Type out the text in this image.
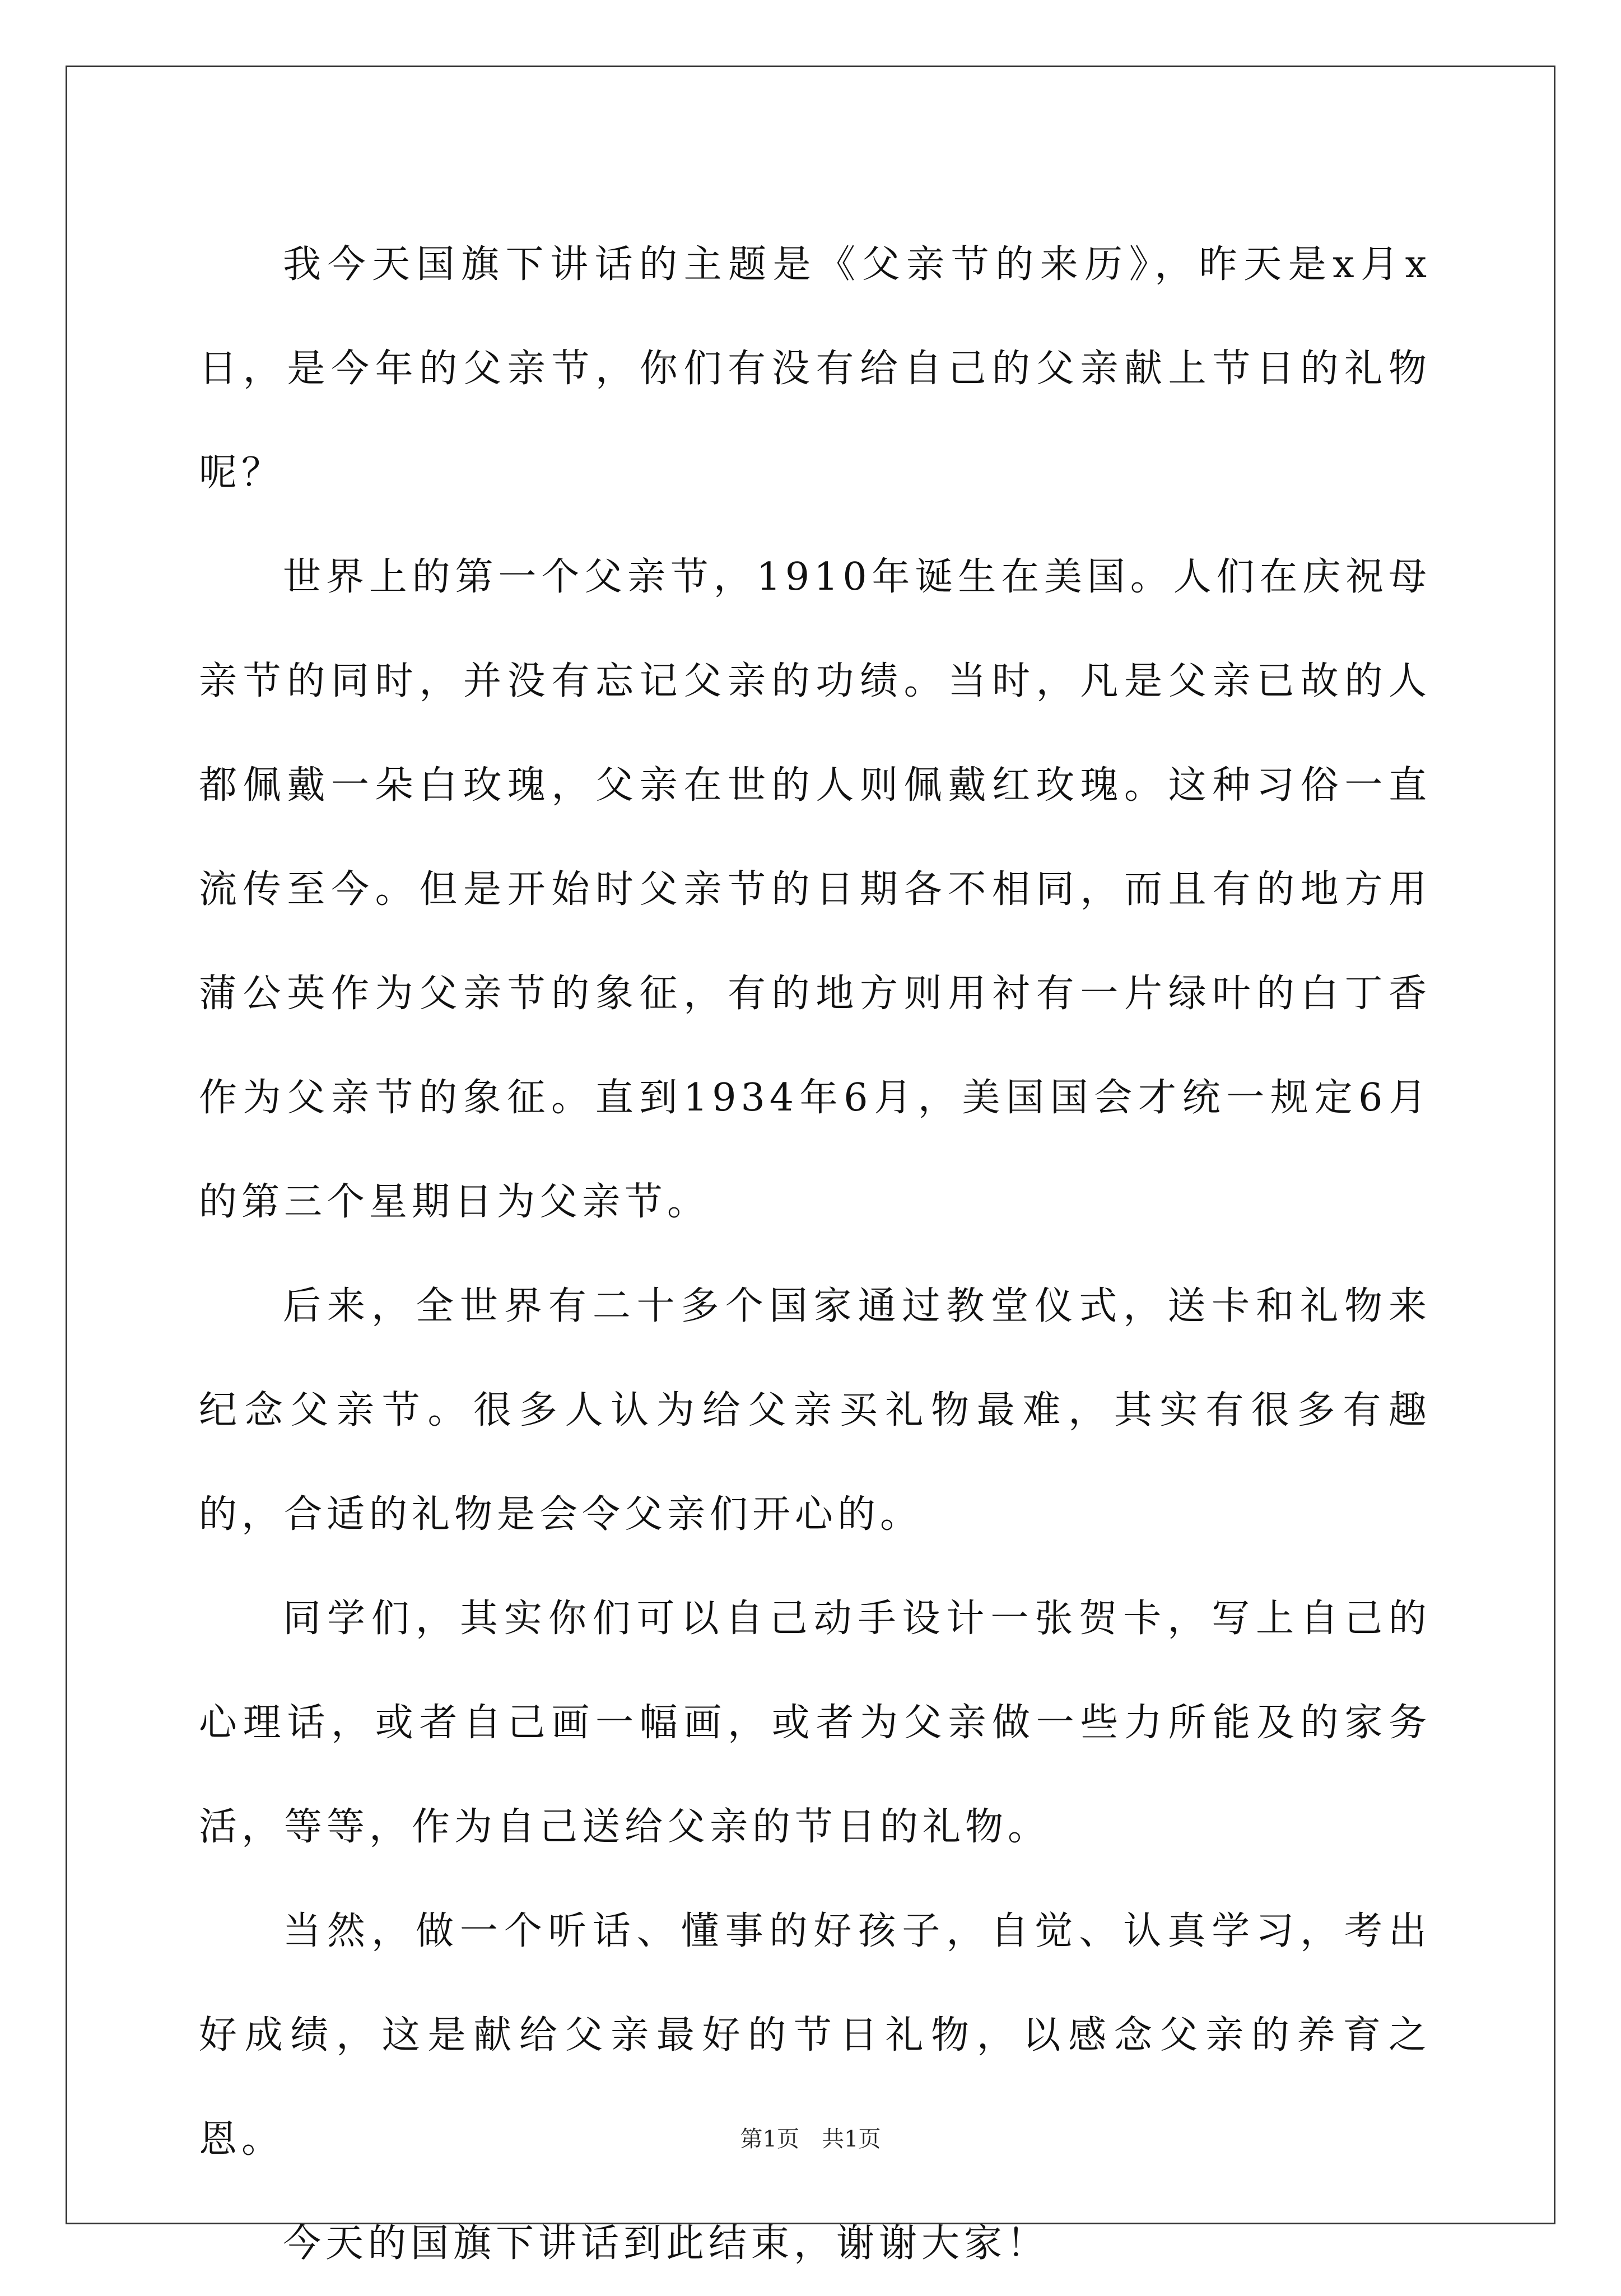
我今天国旗下讲话的主题是《父亲节的来历》，昨天是x月x日，是今年的父亲节，你们有没有给自己的父亲献上节日的礼物呢？

世界上的第一个父亲节，1910年诞生在美国。人们在庆祝母亲节的同时，并没有忘记父亲的功绩。当时，凡是父亲已故的人都佩戴一朵白玫瑰，父亲在世的人则佩戴红玫瑰。这种习俗一直流传至今。但是开始时父亲节的日期各不相同，而且有的地方用蒲公英作为父亲节的象征，有的地方则用衬有一片绿叶的白丁香作为父亲节的象征。直到1934年6月，美国国会才统一规定6月的第三个星期日为父亲节。

后来，全世界有二十多个国家通过教堂仪式，送卡和礼物来纪念父亲节。很多人认为给父亲买礼物最难，其实有很多有趣的，合适的礼物是会令父亲们开心的。

同学们，其实你们可以自己动手设计一张贺卡，写上自己的心理话，或者自己画一幅画，或者为父亲做一些力所能及的家务活，等等，作为自己送给父亲的节日的礼物。

当然，做一个听话、懂事的好孩子，自觉、认真学习，考出好成绩，这是献给父亲最好的节日礼物，以感念父亲的养育之恩。

今天的国旗下讲话到此结束，谢谢大家！

第1页　共1页
